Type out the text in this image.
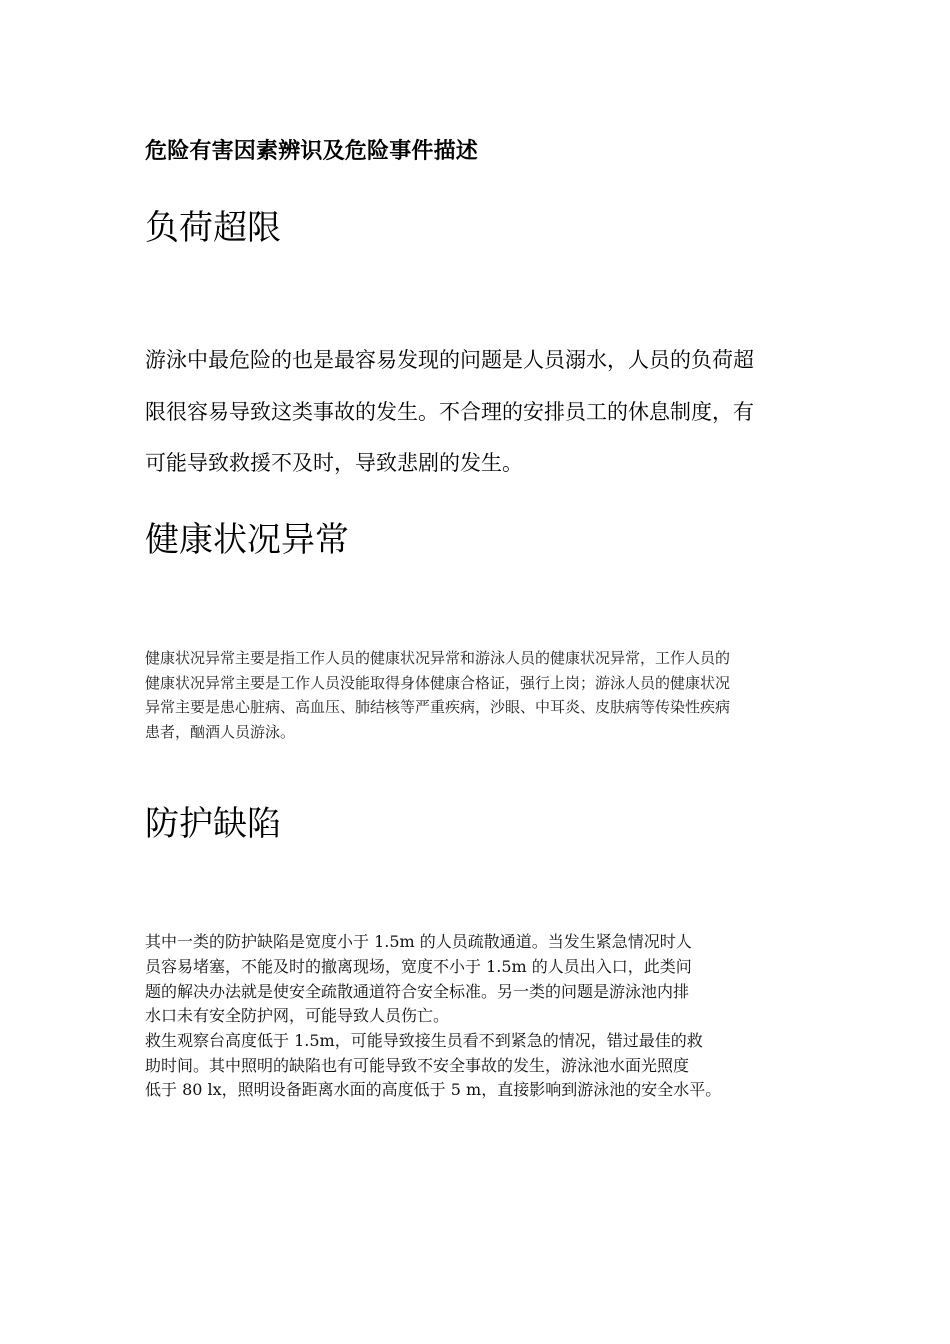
危险有害因素辨识及危险事件描述
负荷超限
游泳中最危险的也是最容易发现的问题是人员溺水，人员的负荷超
限很容易导致这类事故的发生。不合理的安排员工的休息制度，有
可能导致救援不及时，导致悲剧的发生。
健康状况异常
健康状况异常主要是指工作人员的健康状况异常和游泳人员的健康状况异常，工作人员的
健康状况异常主要是工作人员没能取得身体健康合格证，强行上岗；游泳人员的健康状况
异常主要是患心脏病、高血压、肺结核等严重疾病，沙眼、中耳炎、皮肤病等传染性疾病
患者，酗酒人员游泳。
防护缺陷
其中一类的防护缺陷是宽度小于 1.5m 的人员疏散通道。当发生紧急情况时人
员容易堵塞，不能及时的撤离现场，宽度不小于 1.5m 的人员出入口，此类问
题的解决办法就是使安全疏散通道符合安全标准。另一类的问题是游泳池内排
水口未有安全防护网，可能导致人员伤亡。
救生观察台高度低于 1.5m，可能导致接生员看不到紧急的情况，错过最佳的救
助时间。其中照明的缺陷也有可能导致不安全事故的发生，游泳池水面光照度
低于 80 lx，照明设备距离水面的高度低于 5 m，直接影响到游泳池的安全水平。
